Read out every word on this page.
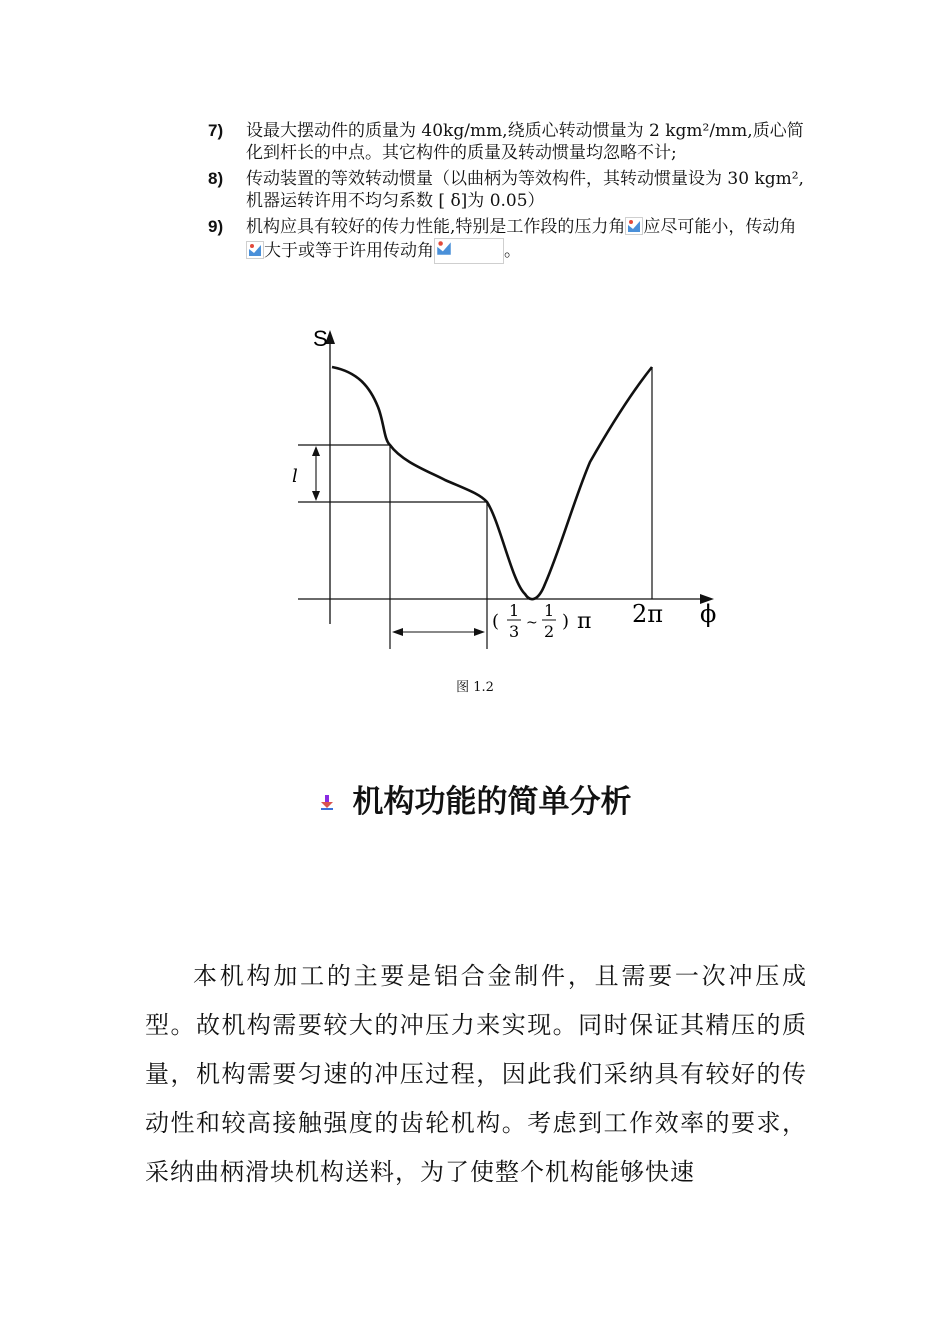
7) 设最大摆动件的质量为 40kg/mm,绕质心转动惯量为 2 kgm²/mm,质心简化到杆长的中点。其它构件的质量及转动惯量均忽略不计;
8) 传动装置的等效转动惯量（以曲柄为等效构件，其转动惯量设为 30 kgm²,机器运转许用不均匀系数 [ δ]为 0.05）
9) 机构应具有较好的传力性能,特别是工作段的压力角 应尽可能小，传动角
大于或等于许用传动角	。
S
l
(
1
3 ~
1
2 ) π 2π ϕ
图 1.2
机构功能的简单分析
本机构加工的主要是铝合金制件，且需要一次冲压成型。故机构需要较大的冲压力来实现。同时保证其精压的质量，机构需要匀速的冲压过程，因此我们采纳具有较好的传动性和较高接触强度的齿轮机构。考虑到工作效率的要求，采纳曲柄滑块机构送料，为了使整个机构能够快速
